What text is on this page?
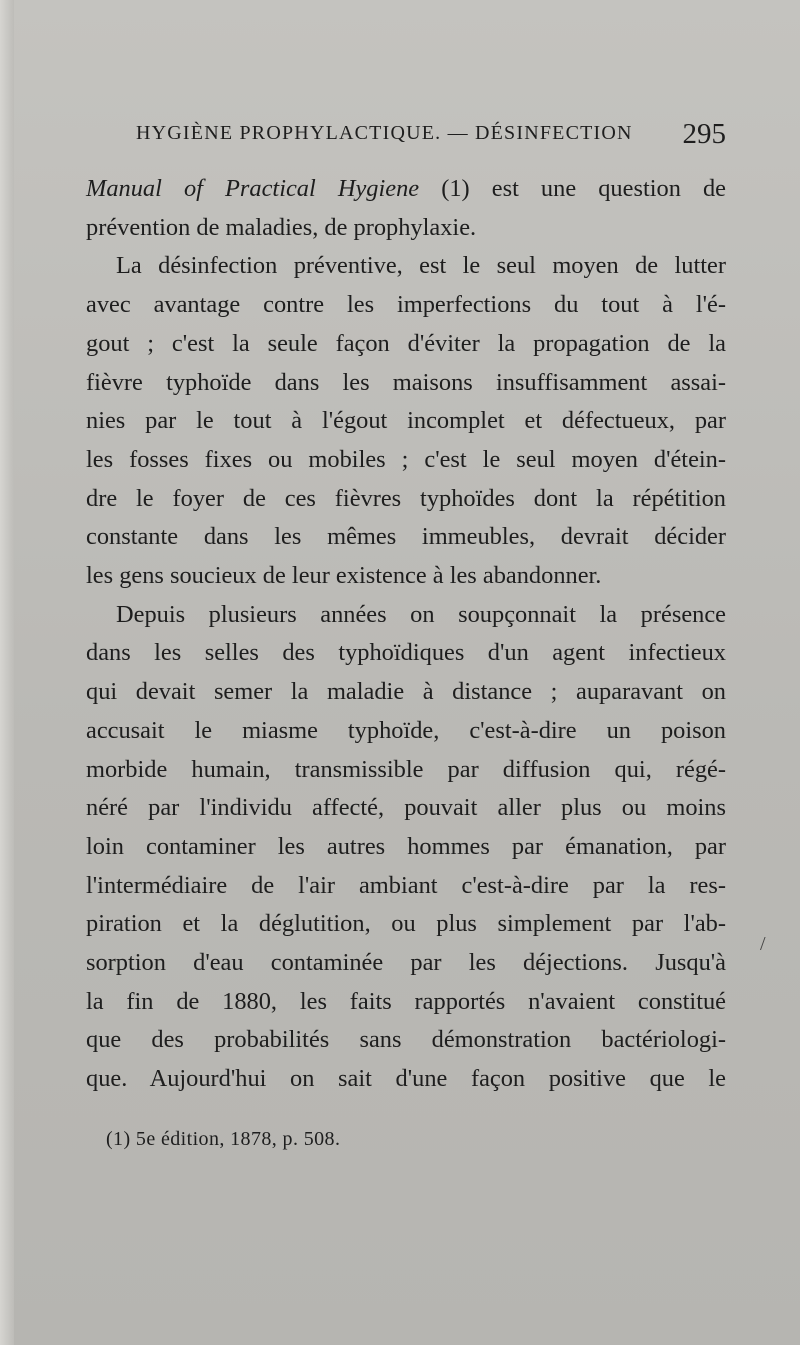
HYGIÈNE PROPHYLACTIQUE. — DÉSINFECTION 295
Manual of Practical Hygiene (1) est une question de
prévention de maladies, de prophylaxie.
La désinfection préventive, est le seul moyen de lutter
avec avantage contre les imperfections du tout à l'é-
gout ; c'est la seule façon d'éviter la propagation de la
fièvre typhoïde dans les maisons insuffisamment assai-
nies par le tout à l'égout incomplet et défectueux, par
les fosses fixes ou mobiles ; c'est le seul moyen d'étein-
dre le foyer de ces fièvres typhoïdes dont la répétition
constante dans les mêmes immeubles, devrait décider
les gens soucieux de leur existence à les abandonner.
Depuis plusieurs années on soupçonnait la présence
dans les selles des typhoïdiques d'un agent infectieux
qui devait semer la maladie à distance ; auparavant on
accusait le miasme typhoïde, c'est-à-dire un poison
morbide humain, transmissible par diffusion qui, régé-
néré par l'individu affecté, pouvait aller plus ou moins
loin contaminer les autres hommes par émanation, par
l'intermédiaire de l'air ambiant c'est-à-dire par la res-
piration et la déglutition, ou plus simplement par l'ab-
sorption d'eau contaminée par les déjections. Jusqu'à
la fin de 1880, les faits rapportés n'avaient constitué
que des probabilités sans démonstration bactériologi-
que. Aujourd'hui on sait d'une façon positive que le
(1) 5e édition, 1878, p. 508.
/
